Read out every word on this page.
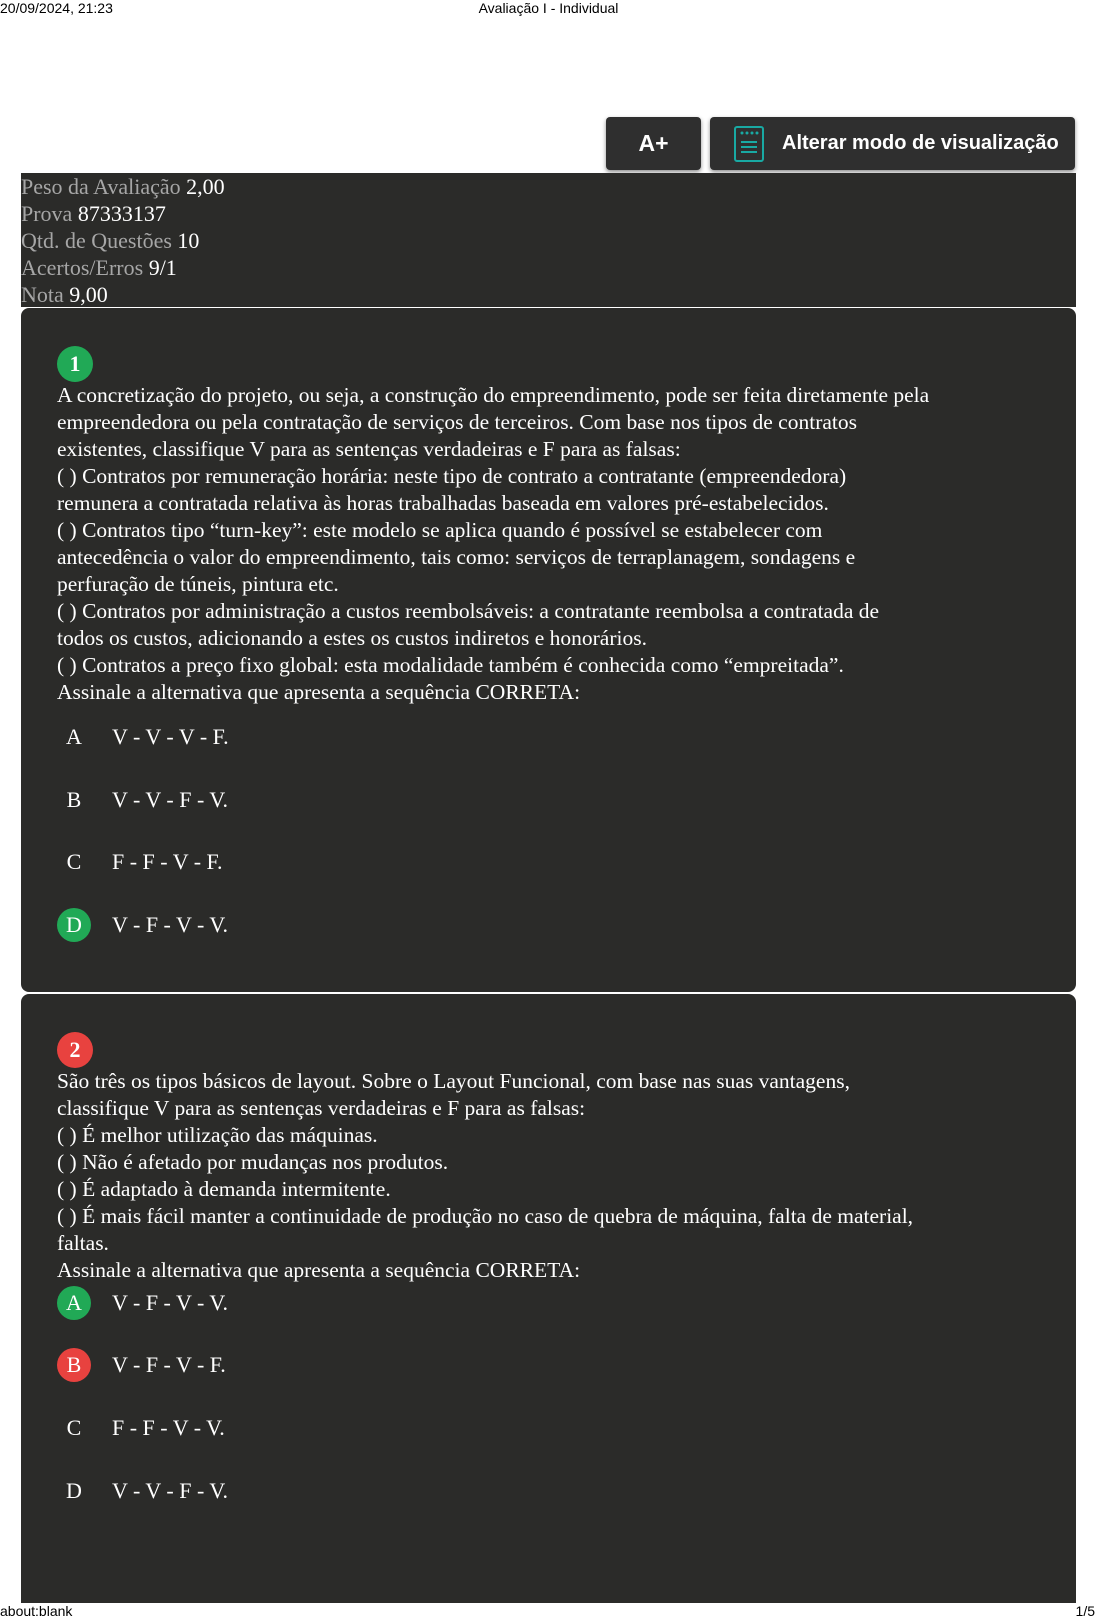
20/09/2024, 21:23	Avaliação I - Individual
A+	Alterar modo de visualização
Peso da Avaliação 2,00
Prova 87333137
Qtd. de Questões 10
Acertos/Erros 9/1
Nota 9,00
1
A concretização do projeto, ou seja, a construção do empreendimento, pode ser feita diretamente pela
empreendedora ou pela contratação de serviços de terceiros. Com base nos tipos de contratos
existentes, classifique V para as sentenças verdadeiras e F para as falsas:
( ) Contratos por remuneração horária: neste tipo de contrato a contratante (empreendedora)
remunera a contratada relativa às horas trabalhadas baseada em valores pré-estabelecidos.
( ) Contratos tipo “turn-key”: este modelo se aplica quando é possível se estabelecer com
antecedência o valor do empreendimento, tais como: serviços de terraplanagem, sondagens e
perfuração de túneis, pintura etc.
( ) Contratos por administração a custos reembolsáveis: a contratante reembolsa a contratada de
todos os custos, adicionando a estes os custos indiretos e honorários.
( ) Contratos a preço fixo global: esta modalidade também é conhecida como “empreitada”.
Assinale a alternativa que apresenta a sequência CORRETA:
A	V - V - V - F.
B	V - V - F - V.
C	F - F - V - F.
D	V - F - V - V.
2
São três os tipos básicos de layout. Sobre o Layout Funcional, com base nas suas vantagens,
classifique V para as sentenças verdadeiras e F para as falsas:
( ) É melhor utilização das máquinas.
( ) Não é afetado por mudanças nos produtos.
( ) É adaptado à demanda intermitente.
( ) É mais fácil manter a continuidade de produção no caso de quebra de máquina, falta de material,
faltas.
Assinale a alternativa que apresenta a sequência CORRETA:
A	V - F - V - V.
B	V - F - V - F.
C	F - F - V - V.
D	V - V - F - V.
about:blank	1/5
